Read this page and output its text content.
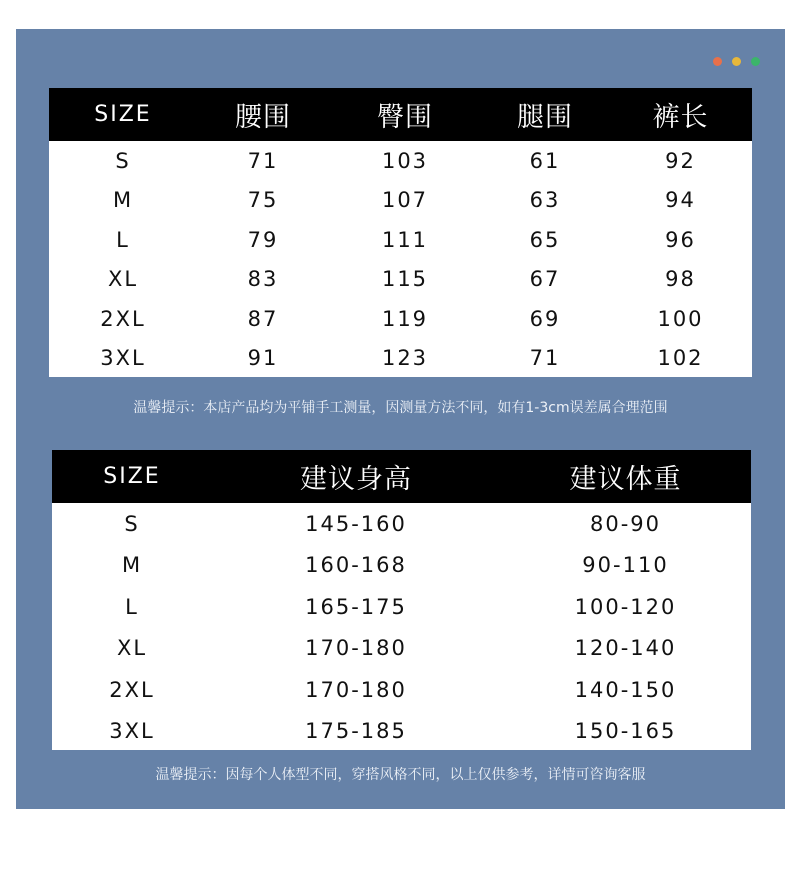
SIZE	腰围	臀围	腿围	裤长
S	71	103	61	92
M	75	107	63	94
L	79	111	65	96
XL	83	115	67	98
2XL	87	119	69	100
3XL	91	123	71	102
温馨提示：本店产品均为平铺手工测量，因测量方法不同，如有1-3cm误差属合理范围
SIZE	建议身高	建议体重
S	145-160	80-90
M	160-168	90-110
L	165-175	100-120
XL	170-180	120-140
2XL	170-180	140-150
3XL	175-185	150-165
温馨提示：因每个人体型不同，穿搭风格不同，以上仅供参考，详情可咨询客服
